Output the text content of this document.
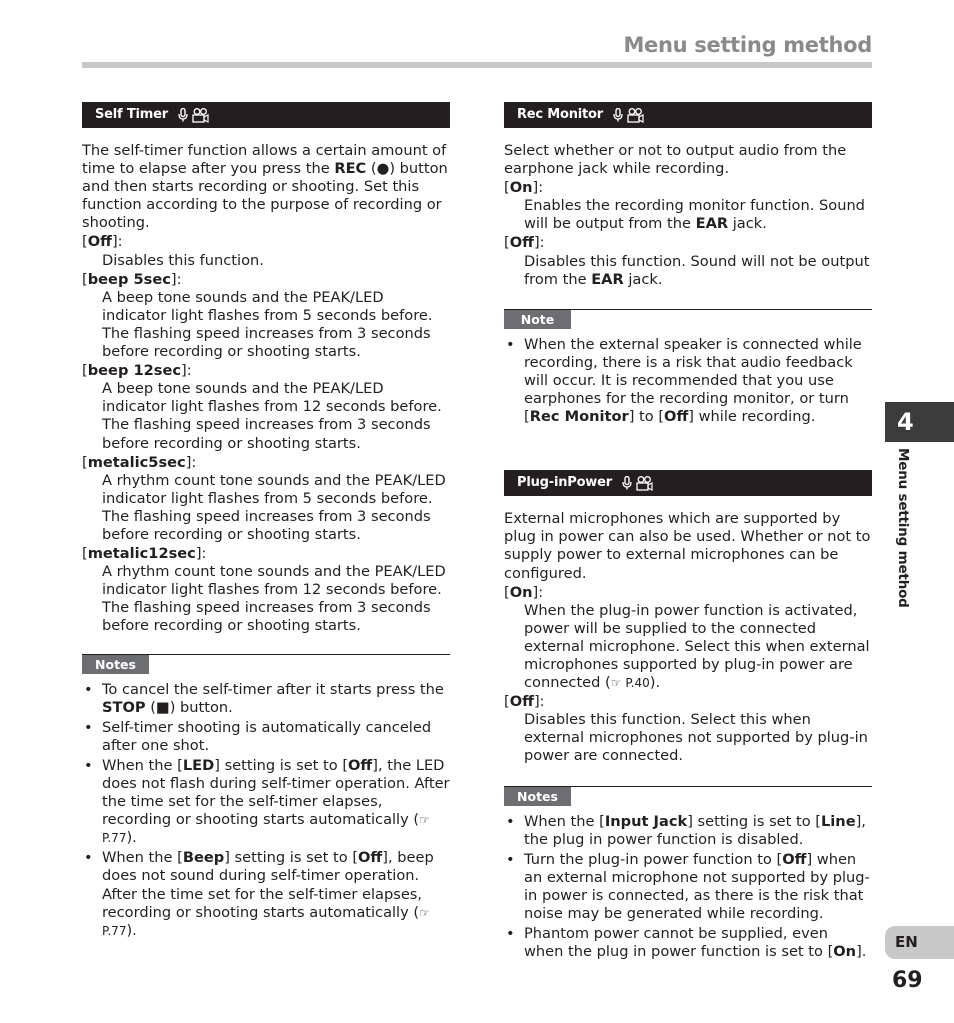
Menu setting method
Self Timer

The self-timer function allows a certain amount of time to elapse after you press the REC (●) button and then starts recording or shooting. Set this function according to the purpose of recording or shooting.

[Off]:

Disables this function.

[beep 5sec]:

A beep tone sounds and the PEAK/LED indicator light flashes from 5 seconds before. The flashing speed increases from 3 seconds before recording or shooting starts.

[beep 12sec]:

A beep tone sounds and the PEAK/LED indicator light flashes from 12 seconds before. The flashing speed increases from 3 seconds before recording or shooting starts.

[metalic5sec]:

A rhythm count tone sounds and the PEAK/LED indicator light flashes from 5 seconds before. The flashing speed increases from 3 seconds before recording or shooting starts.

[metalic12sec]:

A rhythm count tone sounds and the PEAK/LED indicator light flashes from 12 seconds before. The flashing speed increases from 3 seconds before recording or shooting starts.

Notes
• To cancel the self-timer after it starts press the STOP (■) button.
• Self-timer shooting is automatically canceled after one shot.
• When the [LED] setting is set to [Off], the LED does not flash during self-timer operation. After the time set for the self-timer elapses, recording or shooting starts automatically (☞ P.77).
• When the [Beep] setting is set to [Off], beep does not sound during self-timer operation. After the time set for the self-timer elapses, recording or shooting starts automatically (☞ P.77).
Rec Monitor

Select whether or not to output audio from the earphone jack while recording.

[On]:

Enables the recording monitor function. Sound will be output from the EAR jack.

[Off]:

Disables this function. Sound will not be output from the EAR jack.

Note
• When the external speaker is connected while recording, there is a risk that audio feedback will occur. It is recommended that you use earphones for the recording monitor, or turn [Rec Monitor] to [Off] while recording.
Plug-inPower

External microphones which are supported by plug in power can also be used. Whether or not to supply power to external microphones can be configured.

[On]:

When the plug-in power function is activated, power will be supplied to the connected external microphone. Select this when external microphones supported by plug-in power are connected (☞ P.40).

[Off]:

Disables this function. Select this when external microphones not supported by plug-in power are connected.

Notes
• When the [Input Jack] setting is set to [Line], the plug in power function is disabled.
• Turn the plug-in power function to [Off] when an external microphone not supported by plug-in power is connected, as there is the risk that noise may be generated while recording.
• Phantom power cannot be supplied, even when the plug in power function is set to [On].
4
Menu setting method
EN
69
